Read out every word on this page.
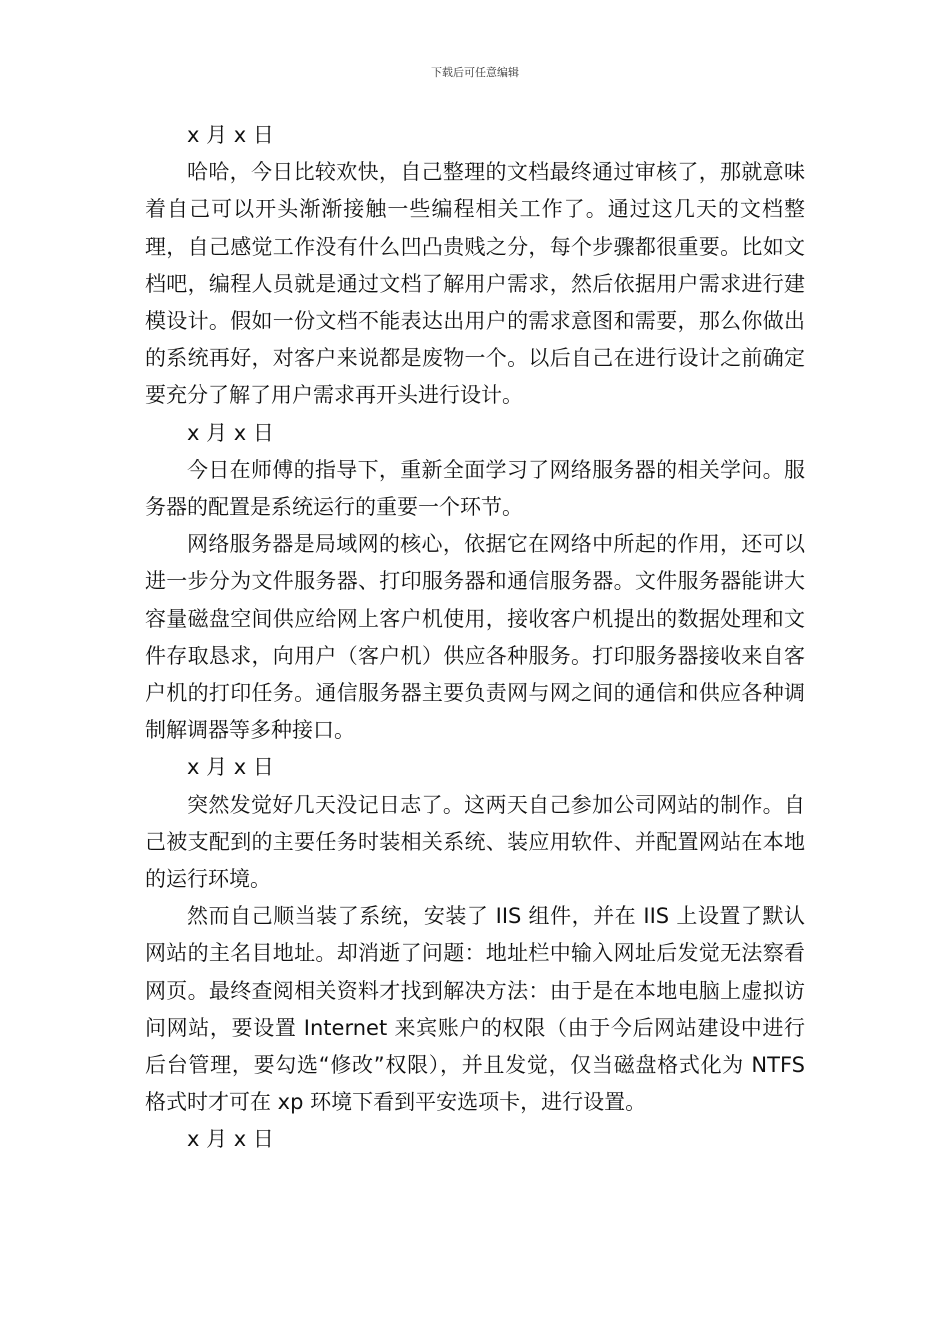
下载后可任意编辑

x 月 x 日

哈哈，今日比较欢快，自己整理的文档最终通过审核了，那就意味着自己可以开头渐渐接触一些编程相关工作了。通过这几天的文档整理，自己感觉工作没有什么凹凸贵贱之分，每个步骤都很重要。比如文档吧，编程人员就是通过文档了解用户需求，然后依据用户需求进行建模设计。假如一份文档不能表达出用户的需求意图和需要，那么你做出的系统再好，对客户来说都是废物一个。以后自己在进行设计之前确定要充分了解了用户需求再开头进行设计。

x 月 x 日

今日在师傅的指导下，重新全面学习了网络服务器的相关学问。服务器的配置是系统运行的重要一个环节。

网络服务器是局域网的核心，依据它在网络中所起的作用，还可以进一步分为文件服务器、打印服务器和通信服务器。文件服务器能讲大容量磁盘空间供应给网上客户机使用，接收客户机提出的数据处理和文件存取恳求，向用户（客户机）供应各种服务。打印服务器接收来自客户机的打印任务。通信服务器主要负责网与网之间的通信和供应各种调制解调器等多种接口。

x 月 x 日

突然发觉好几天没记日志了。这两天自己参加公司网站的制作。自己被支配到的主要任务时装相关系统、装应用软件、并配置网站在本地的运行环境。

然而自己顺当装了系统，安装了 IIS 组件，并在 IIS 上设置了默认网站的主名目地址。却消逝了问题：地址栏中输入网址后发觉无法察看网页。最终查阅相关资料才找到解决方法：由于是在本地电脑上虚拟访问网站，要设置 Internet 来宾账户的权限（由于今后网站建设中进行后台管理，要勾选“修改”权限），并且发觉，仅当磁盘格式化为 NTFS 格式时才可在 xp 环境下看到平安选项卡，进行设置。

x 月 x 日
